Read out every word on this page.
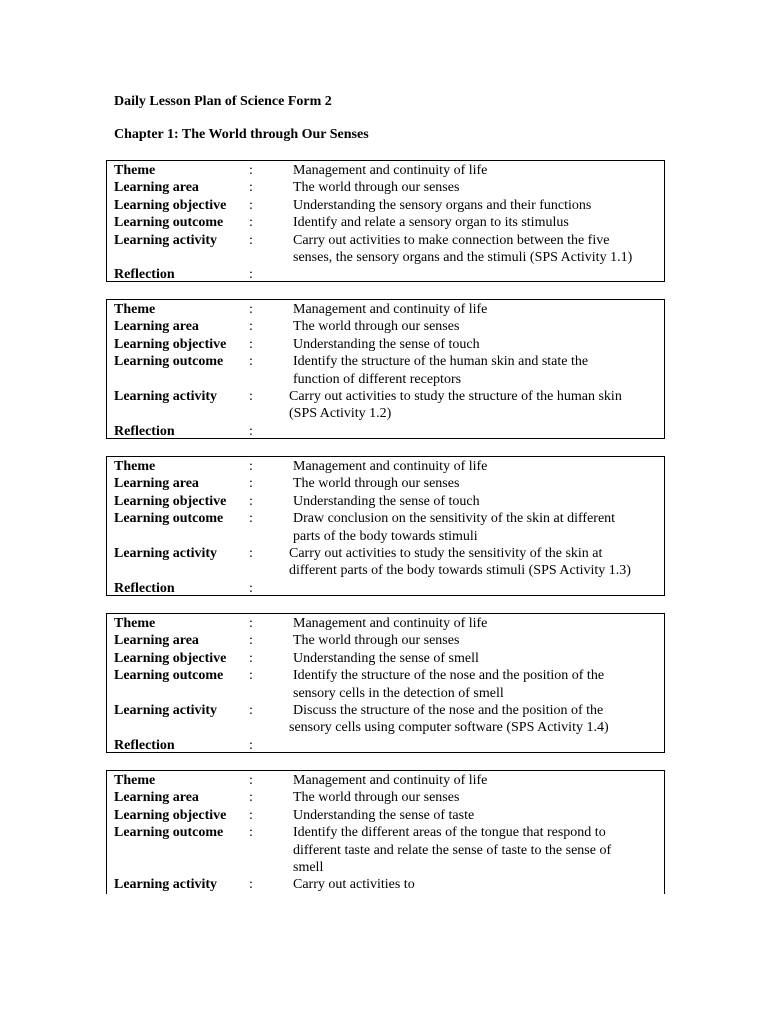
Daily Lesson Plan of Science Form 2
Chapter 1: The World through Our Senses
Theme	:	Management and continuity of life
Learning area	:	The world through our senses
Learning objective :	Understanding the sensory organs and their functions
Learning outcome :	Identify and relate a sensory organ to its stimulus
Learning activity :	Carry out activities to make connection between the five
senses, the sensory organs and the stimuli (SPS Activity 1.1)
Reflection	:
Theme	:	Management and continuity of life
Learning area	:	The world through our senses
Learning objective :	Understanding the sense of touch
Learning outcome :	Identify the structure of the human skin and state the
function of different receptors
Learning activity :	Carry out activities to study the structure of the human skin
(SPS Activity 1.2)
Reflection	:
Theme	:	Management and continuity of life
Learning area	:	The world through our senses
Learning objective :	Understanding the sense of touch
Learning outcome :	Draw conclusion on the sensitivity of the skin at different
parts of the body towards stimuli
Learning activity :	Carry out activities to study the sensitivity of the skin at
different parts of the body towards stimuli (SPS Activity 1.3)
Reflection	:
Theme	:	Management and continuity of life
Learning area	:	The world through our senses
Learning objective :	Understanding the sense of smell
Learning outcome :	Identify the structure of the nose and the position of the
sensory cells in the detection of smell
Learning activity :	Discuss the structure of the nose and the position of the
sensory cells using computer software (SPS Activity 1.4)
Reflection	:
Theme	:	Management and continuity of life
Learning area	:	The world through our senses
Learning objective :	Understanding the sense of taste
Learning outcome :	Identify the different areas of the tongue that respond to
different taste and relate the sense of taste to the sense of
smell
Learning activity :	Carry out activities to
